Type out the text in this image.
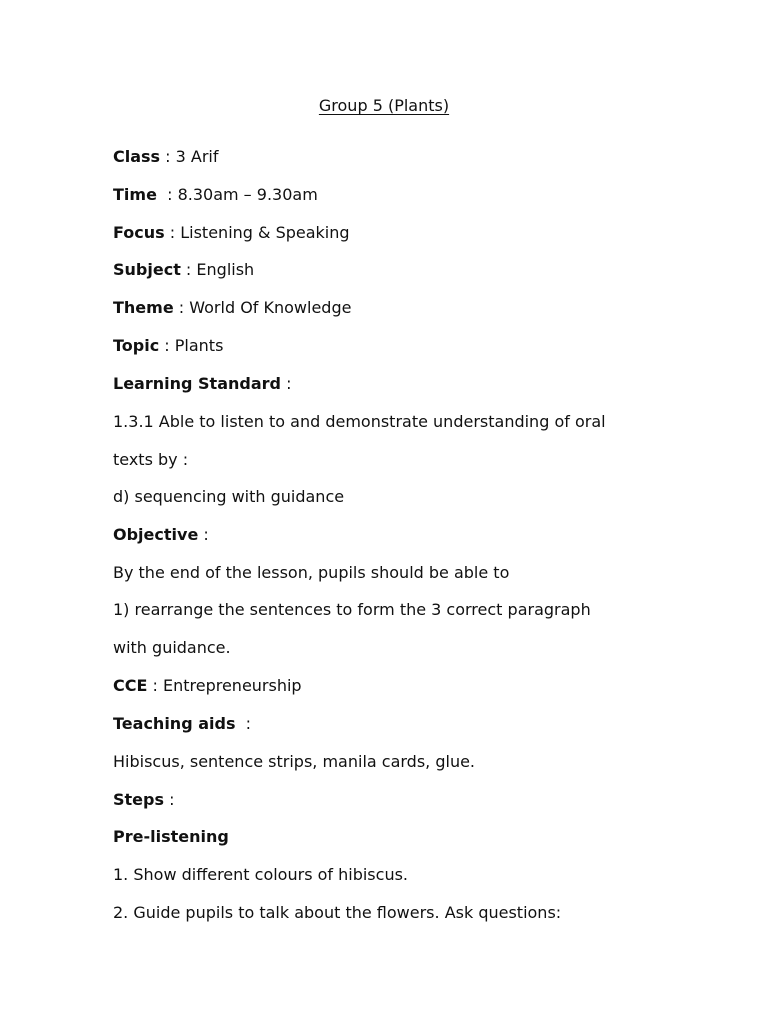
Group 5 (Plants)
Class : 3 Arif
Time  : 8.30am – 9.30am
Focus : Listening & Speaking
Subject : English
Theme : World Of Knowledge
Topic : Plants
Learning Standard :
1.3.1 Able to listen to and demonstrate understanding of oral
texts by :
d) sequencing with guidance
Objective :
By the end of the lesson, pupils should be able to
1) rearrange the sentences to form the 3 correct paragraph
with guidance.
CCE : Entrepreneurship
Teaching aids  :
Hibiscus, sentence strips, manila cards, glue.
Steps :
Pre-listening
1. Show different colours of hibiscus.
2. Guide pupils to talk about the flowers. Ask questions:
